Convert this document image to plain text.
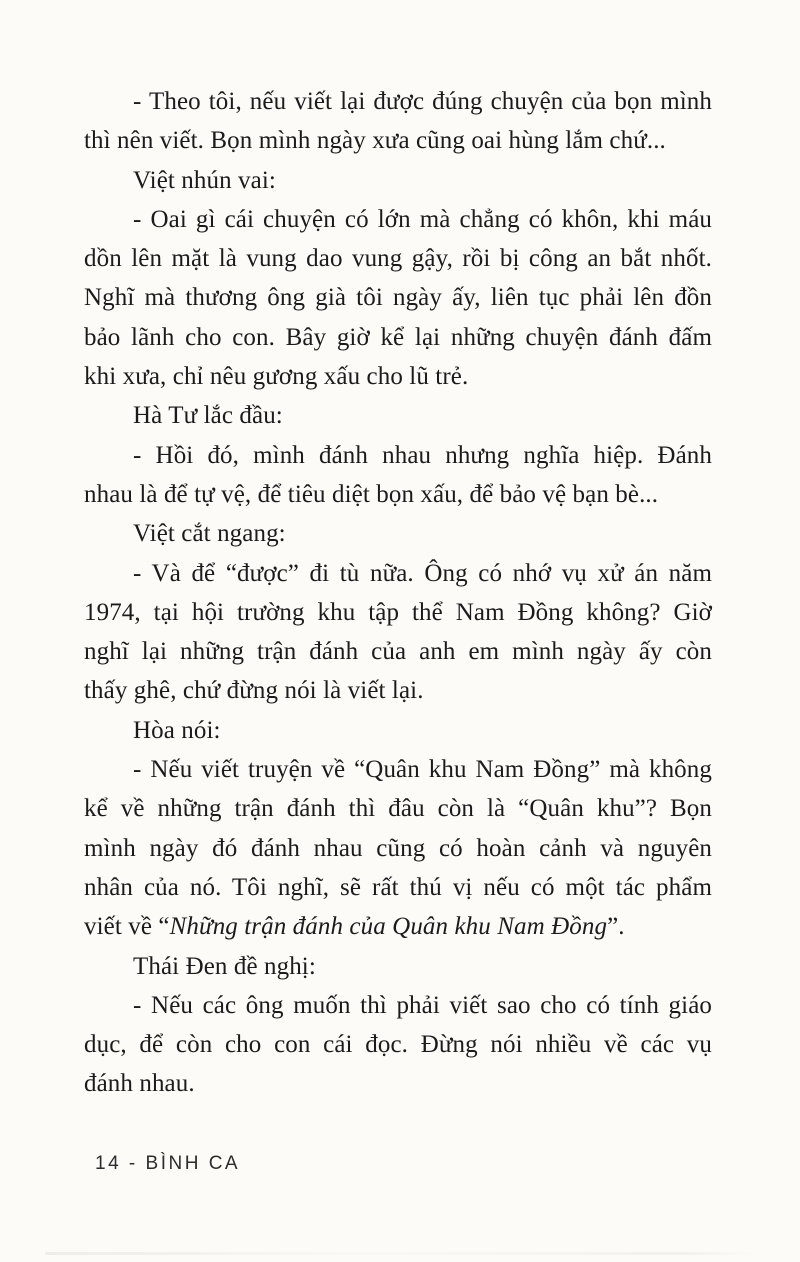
- Theo tôi, nếu viết lại được đúng chuyện của bọn mình
thì nên viết. Bọn mình ngày xưa cũng oai hùng lắm chứ...
Việt nhún vai:
- Oai gì cái chuyện có lớn mà chẳng có khôn, khi máu
dồn lên mặt là vung dao vung gậy, rồi bị công an bắt nhốt.
Nghĩ mà thương ông già tôi ngày ấy, liên tục phải lên đồn
bảo lãnh cho con. Bây giờ kể lại những chuyện đánh đấm
khi xưa, chỉ nêu gương xấu cho lũ trẻ.
Hà Tư lắc đầu:
- Hồi đó, mình đánh nhau nhưng nghĩa hiệp. Đánh
nhau là để tự vệ, để tiêu diệt bọn xấu, để bảo vệ bạn bè...
Việt cắt ngang:
- Và để “được” đi tù nữa. Ông có nhớ vụ xử án năm
1974, tại hội trường khu tập thể Nam Đồng không? Giờ
nghĩ lại những trận đánh của anh em mình ngày ấy còn
thấy ghê, chứ đừng nói là viết lại.
Hòa nói:
- Nếu viết truyện về “Quân khu Nam Đồng” mà không
kể về những trận đánh thì đâu còn là “Quân khu”? Bọn
mình ngày đó đánh nhau cũng có hoàn cảnh và nguyên
nhân của nó. Tôi nghĩ, sẽ rất thú vị nếu có một tác phẩm
viết về “Những trận đánh của Quân khu Nam Đồng”.
Thái Đen đề nghị:
- Nếu các ông muốn thì phải viết sao cho có tính giáo
dục, để còn cho con cái đọc. Đừng nói nhiều về các vụ
đánh nhau.
14 - BÌNH CA
